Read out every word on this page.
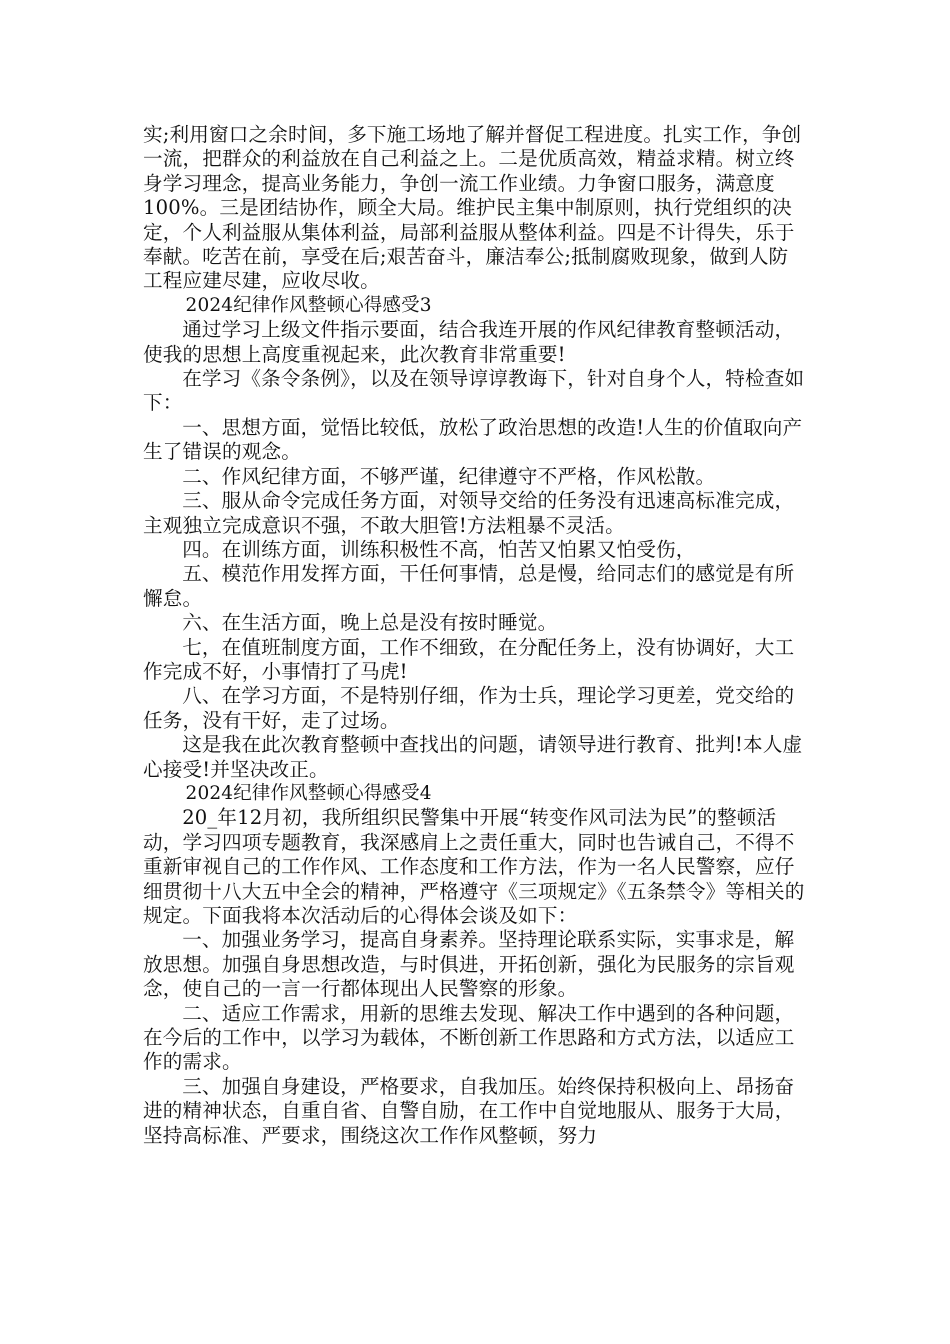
实;利用窗口之余时间，多下施工场地了解并督促工程进度。扎实工作，争创一流，把群众的利益放在自己利益之上。二是优质高效，精益求精。树立终身学习理念，提高业务能力，争创一流工作业绩。力争窗口服务，满意度100%。三是团结协作，顾全大局。维护民主集中制原则，执行党组织的决定，个人利益服从集体利益，局部利益服从整体利益。四是不计得失，乐于奉献。吃苦在前，享受在后;艰苦奋斗，廉洁奉公;抵制腐败现象，做到人防工程应建尽建，应收尽收。

2024纪律作风整顿心得感受3

通过学习上级文件指示要面，结合我连开展的作风纪律教育整顿活动，使我的思想上高度重视起来，此次教育非常重要!

在学习《条令条例》，以及在领导谆谆教诲下，针对自身个人，特检查如下：

一、思想方面，觉悟比较低，放松了政治思想的改造!人生的价值取向产生了错误的观念。

二、作风纪律方面，不够严谨，纪律遵守不严格，作风松散。

三、服从命令完成任务方面，对领导交给的任务没有迅速高标准完成，主观独立完成意识不强，不敢大胆管!方法粗暴不灵活。

四。在训练方面，训练积极性不高，怕苦又怕累又怕受伤，

五、模范作用发挥方面，干任何事情，总是慢，给同志们的感觉是有所懈怠。

六、在生活方面，晚上总是没有按时睡觉。

七，在值班制度方面，工作不细致，在分配任务上，没有协调好，大工作完成不好，小事情打了马虎!

八、在学习方面，不是特别仔细，作为士兵，理论学习更差，党交给的任务，没有干好，走了过场。

这是我在此次教育整顿中查找出的问题，请领导进行教育、批判!本人虚心接受!并坚决改正。

2024纪律作风整顿心得感受4

20_年12月初，我所组织民警集中开展“转变作风司法为民”的整顿活动，学习四项专题教育，我深感肩上之责任重大，同时也告诫自己，不得不重新审视自己的工作作风、工作态度和工作方法，作为一名人民警察，应仔细贯彻十八大五中全会的精神，严格遵守《三项规定》《五条禁令》等相关的规定。下面我将本次活动后的心得体会谈及如下：

一、加强业务学习，提高自身素养。坚持理论联系实际，实事求是，解放思想。加强自身思想改造，与时俱进，开拓创新，强化为民服务的宗旨观念，使自己的一言一行都体现出人民警察的形象。

二、适应工作需求，用新的思维去发现、解决工作中遇到的各种问题，在今后的工作中，以学习为载体，不断创新工作思路和方式方法，以适应工作的需求。

三、加强自身建设，严格要求，自我加压。始终保持积极向上、昂扬奋进的精神状态，自重自省、自警自励，在工作中自觉地服从、服务于大局，坚持高标准、严要求，围绕这次工作作风整顿，努力
